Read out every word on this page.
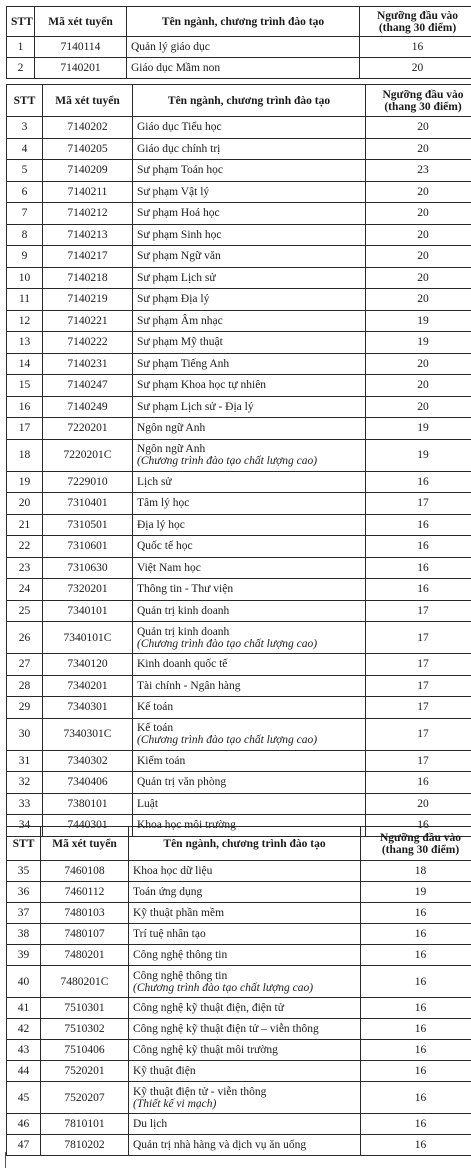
STT	Mã xét tuyển	Tên ngành, chương trình đào tạo	Ngưỡng đầu vào
(thang 30 điểm)

1	7140114	Quản lý giáo dục	16
2	7140201	Giáo dục Mầm non	20
STT	Mã xét tuyển	Tên ngành, chương trình đào tạo	Ngưỡng đầu vào
(thang 30 điểm)

3	7140202	Giáo dục Tiểu học	20
4	7140205	Giáo dục chính trị	20
5	7140209	Sư phạm Toán học	23
6	7140211	Sư phạm Vật lý	20
7	7140212	Sư phạm Hoá học	20
8	7140213	Sư phạm Sinh học	20
9	7140217	Sư phạm Ngữ văn	20
10	7140218	Sư phạm Lịch sử	20
11	7140219	Sư phạm Địa lý	20
12	7140221	Sư phạm Âm nhạc	19
13	7140222	Sư phạm Mỹ thuật	19
14	7140231	Sư phạm Tiếng Anh	20
15	7140247	Sư phạm Khoa học tự nhiên	20
16	7140249	Sư phạm Lịch sử - Địa lý	20
17	7220201	Ngôn ngữ Anh	19
18	7220201C	Ngôn ngữ Anh
(Chương trình đào tạo chất lượng cao)	19
19	7229010	Lịch sử	16
20	7310401	Tâm lý học	17
21	7310501	Địa lý học	16
22	7310601	Quốc tế học	16
23	7310630	Việt Nam học	16
24	7320201	Thông tin - Thư viện	16
25	7340101	Quản trị kinh doanh	17
26	7340101C	Quản trị kinh doanh
(Chương trình đào tạo chất lượng cao)	17
27	7340120	Kinh doanh quốc tế	17
28	7340201	Tài chính - Ngân hàng	17
29	7340301	Kế toán	17
30	7340301C	Kế toán
(Chương trình đào tạo chất lượng cao)	17
31	7340302	Kiểm toán	17
32	7340406	Quản trị văn phòng	16
33	7380101	Luật	20
34	7440301	Khoa học môi trường	16
STT	Mã xét tuyển	Tên ngành, chương trình đào tạo	Ngưỡng đầu vào
(thang 30 điểm)

35	7460108	Khoa học dữ liệu	18
36	7460112	Toán ứng dụng	19
37	7480103	Kỹ thuật phần mềm	16
38	7480107	Trí tuệ nhân tạo	16
39	7480201	Công nghệ thông tin	16
40	7480201C	Công nghệ thông tin
(Chương trình đào tạo chất lượng cao)	16
41	7510301	Công nghệ kỹ thuật điện, điện tử	16
42	7510302	Công nghệ kỹ thuật điện tử – viễn thông	16
43	7510406	Công nghệ kỹ thuật môi trường	16
44	7520201	Kỹ thuật điện	16
45	7520207	Kỹ thuật điện tử - viễn thông
(Thiết kế vi mạch)	16
46	7810101	Du lịch	16
47	7810202	Quản trị nhà hàng và dịch vụ ăn uống	16
